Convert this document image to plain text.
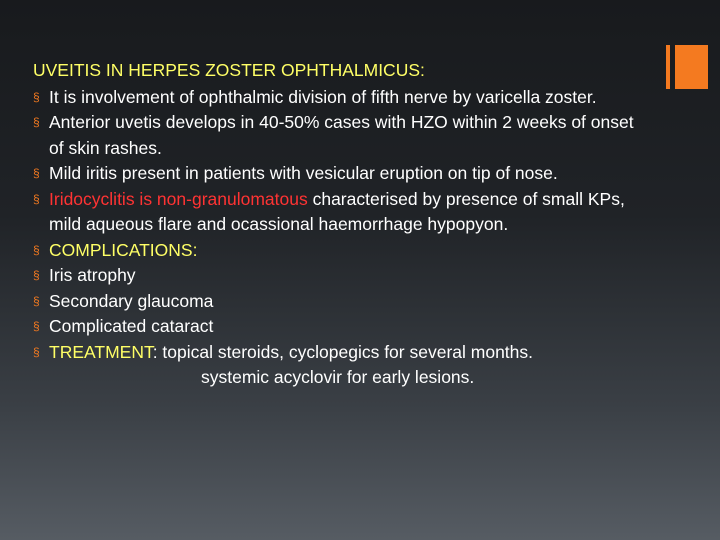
UVEITIS IN HERPES ZOSTER OPHTHALMICUS:
§ It is involvement of ophthalmic division of fifth nerve by varicella zoster.
§ Anterior uvetis develops in 40-50% cases with HZO within 2 weeks of onset of skin rashes.
§ Mild iritis present in patients with vesicular eruption on tip of nose.
§ Iridocyclitis is non-granulomatous characterised by presence of small KPs, mild aqueous flare and ocassional haemorrhage hypopyon.
§ COMPLICATIONS:
§ Iris atrophy
§ Secondary glaucoma
§ Complicated cataract
§ TREATMENT: topical steroids, cyclopegics for several months.
systemic acyclovir for early lesions.
